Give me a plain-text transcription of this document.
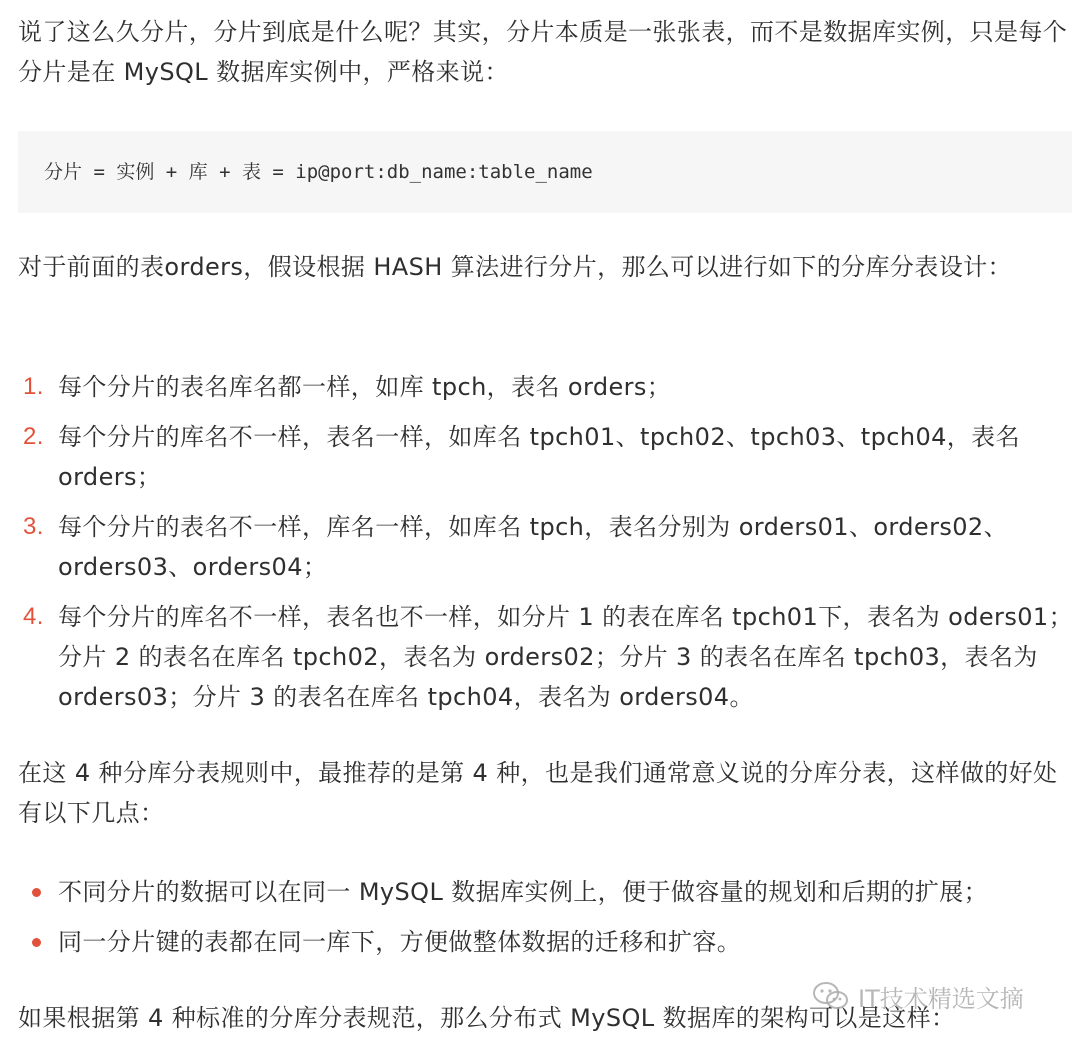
说了这么久分片，分片到底是什么呢？其实，分片本质是一张张表，而不是数据库实例，只是每个分片是在 MySQL 数据库实例中，严格来说：

分片 = 实例 + 库 + 表 = ip@port:db_name:table_name

对于前面的表orders，假设根据 HASH 算法进行分片，那么可以进行如下的分库分表设计：

1. 每个分片的表名库名都一样，如库 tpch，表名 orders；
2. 每个分片的库名不一样，表名一样，如库名 tpch01、tpch02、tpch03、tpch04，表名 orders；
3. 每个分片的表名不一样，库名一样，如库名 tpch，表名分别为 orders01、orders02、orders03、orders04；
4. 每个分片的库名不一样，表名也不一样，如分片 1 的表在库名 tpch01下，表名为 oders01；分片 2 的表名在库名 tpch02，表名为 orders02；分片 3 的表名在库名 tpch03，表名为 orders03；分片 3 的表名在库名 tpch04，表名为 orders04。

在这 4 种分库分表规则中，最推荐的是第 4 种，也是我们通常意义说的分库分表，这样做的好处有以下几点：

不同分片的数据可以在同一 MySQL 数据库实例上，便于做容量的规划和后期的扩展；
同一分片键的表都在同一库下，方便做整体数据的迁移和扩容。

如果根据第 4 种标准的分库分表规范，那么分布式 MySQL 数据库的架构可以是这样：

IT技术精选文摘
